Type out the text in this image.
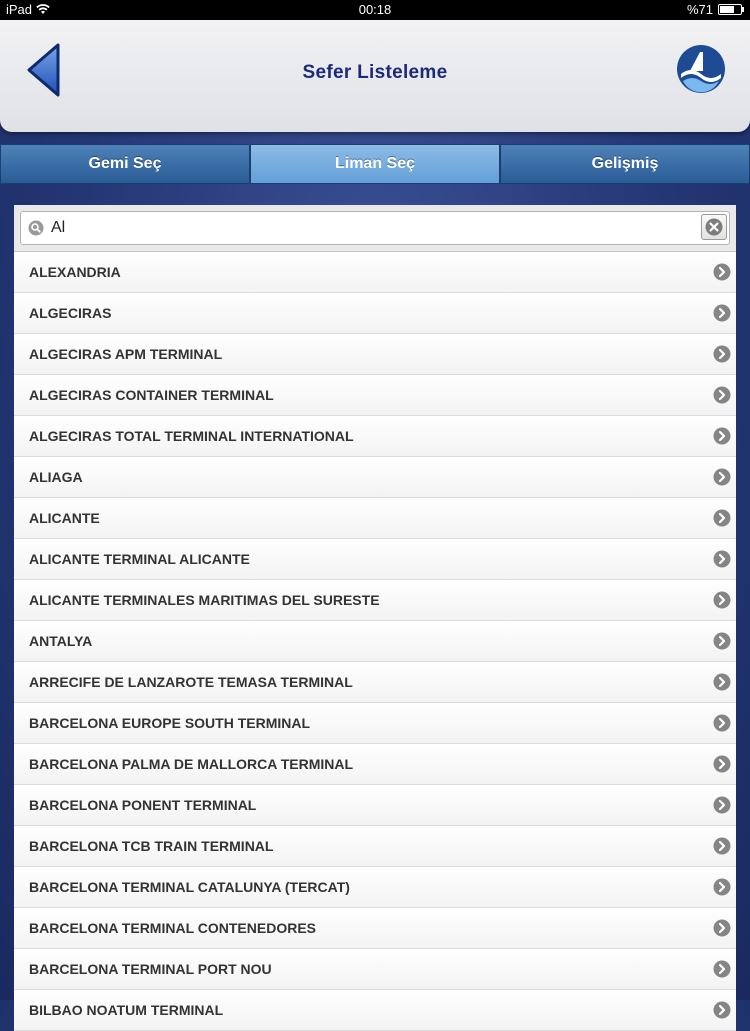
iPad	00:18	%71
Sefer Listeleme
Gemi Seç	Liman Seç	Gelişmiş
Al
ALEXANDRIA
ALGECIRAS
ALGECIRAS APM TERMINAL
ALGECIRAS CONTAINER TERMINAL
ALGECIRAS TOTAL TERMINAL INTERNATIONAL
ALIAGA
ALICANTE
ALICANTE TERMINAL ALICANTE
ALICANTE TERMINALES MARITIMAS DEL SURESTE
ANTALYA
ARRECIFE DE LANZAROTE TEMASA TERMINAL
BARCELONA EUROPE SOUTH TERMINAL
BARCELONA PALMA DE MALLORCA TERMINAL
BARCELONA PONENT TERMINAL
BARCELONA TCB TRAIN TERMINAL
BARCELONA TERMINAL CATALUNYA (TERCAT)
BARCELONA TERMINAL CONTENEDORES
BARCELONA TERMINAL PORT NOU
BILBAO NOATUM TERMINAL
